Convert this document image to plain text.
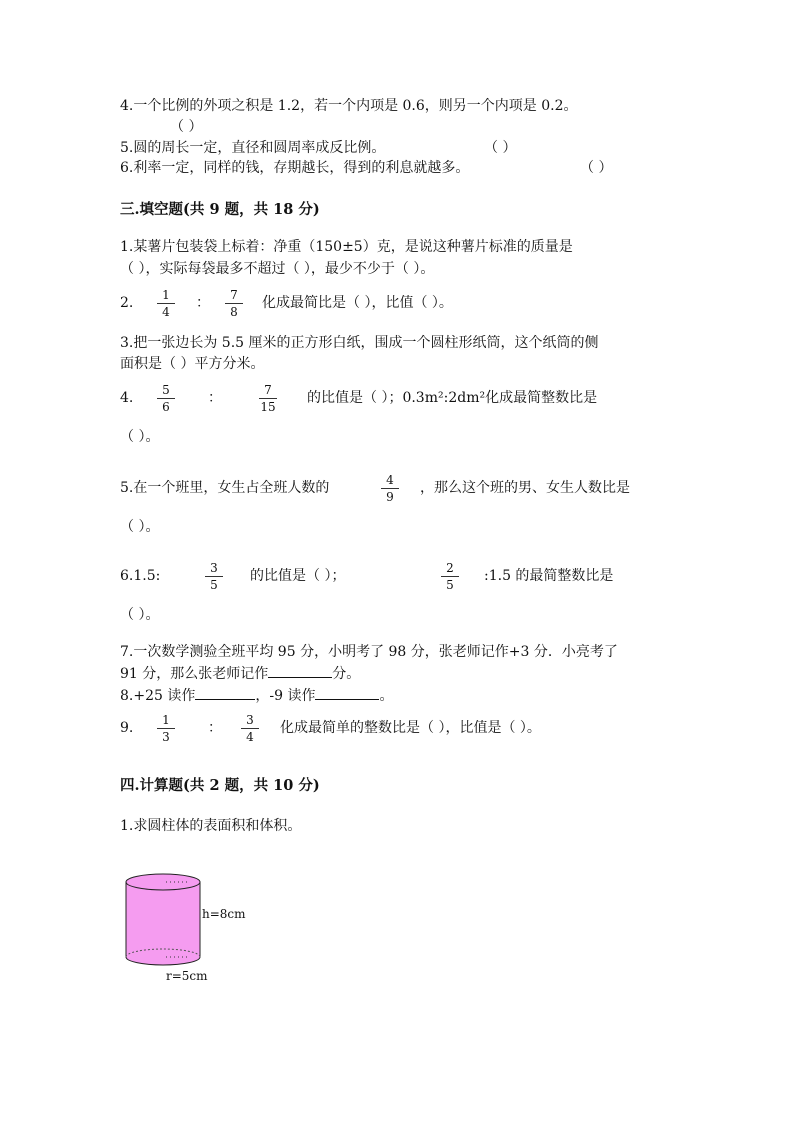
4.一个比例的外项之积是 1.2，若一个内项是 0.6，则另一个内项是 0.2。
（ ）
5.圆的周长一定，直径和圆周率成反比例。	（ ）
6.利率一定，同样的钱，存期越长，得到的利息就越多。	（ ）
三.填空题(共 9 题，共 18 分)
1.某薯片包装袋上标着：净重（150±5）克，是说这种薯片标准的质量是
（ ），实际每袋最多不超过（ ），最少不少于（ ）。
2.	1
4
：	7
8
化成最简比是（ ），比值（ ）。
3.把一张边长为 5.5 厘米的正方形白纸，围成一个圆柱形纸筒，这个纸筒的侧
面积是（ ）平方分米。
4.	5
6
：	7
15
的比值是（ ）；0.3m²:2dm²化成最简整数比是
（ ）。
5.在一个班里，女生占全班人数的	4
9
，那么这个班的男、女生人数比是
（ ）。
6.1.5:	3
5
的比值是（ ）；	2
5
:1.5 的最简整数比是
（ ）。
7.一次数学测验全班平均 95 分，小明考了 98 分，张老师记作+3 分．小亮考了
91 分，那么张老师记作	分。
8.+25 读作	，-9 读作	。
9.	1
3
：	3
4
化成最简单的整数比是（ ），比值是（ ）。
四.计算题(共 2 题，共 10 分)
1.求圆柱体的表面积和体积。
h=8cm
r=5cm
